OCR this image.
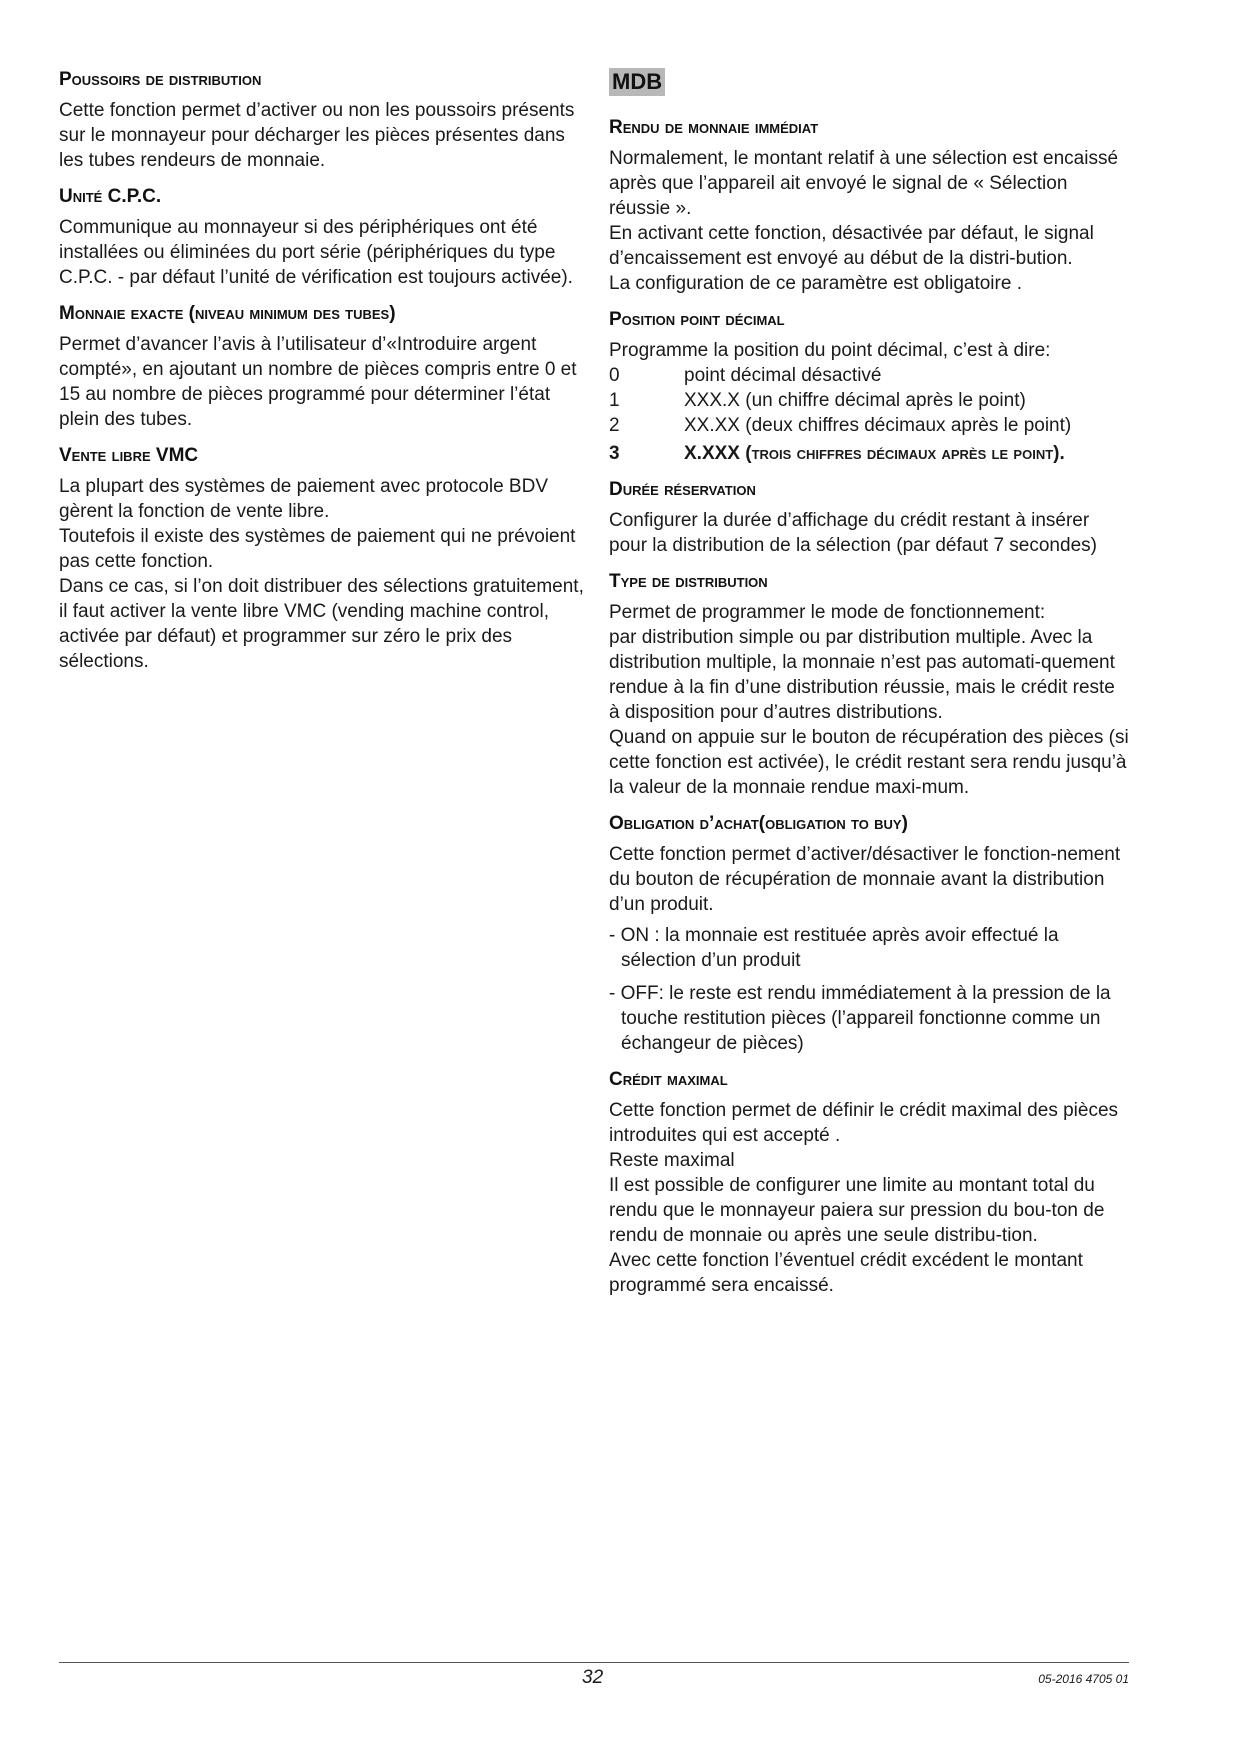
Poussoirs de distribution

Cette fonction permet d’activer ou non les poussoirs présents sur le monnayeur pour décharger les pièces présentes dans les tubes rendeurs de monnaie.

Unité C.P.C.

Communique au monnayeur si des périphériques ont été installées ou éliminées du port série (périphériques du type C.P.C. - par défaut l’unité de vérification est toujours activée).

Monnaie exacte (niveau minimum des tubes)

Permet d’avancer l’avis à l’utilisateur d’«Introduire argent compté», en ajoutant un nombre de pièces compris entre 0 et 15 au nombre de pièces programmé pour déterminer l’état plein des tubes.

Vente libre VMC

La plupart des systèmes de paiement avec protocole BDV gèrent la fonction de vente libre.

Toutefois il existe des systèmes de paiement qui ne prévoient pas cette fonction.

Dans ce cas, si l’on doit distribuer des sélections gratuitement, il faut activer la vente libre VMC (vending machine control, activée par défaut) et programmer sur zéro le prix des sélections.

MDB
Rendu de monnaie immédiat

Normalement, le montant relatif à une sélection est encaissé après que l’appareil ait envoyé le signal de « Sélection réussie ».

En activant cette fonction, désactivée par défaut, le signal d’encaissement est envoyé au début de la distri-bution.

La configuration de ce paramètre est obligatoire .

Position point décimal

Programme la position du point décimal, c’est à dire:

0	point décimal désactivé
1	XXX.X (un chiffre décimal après le point)
2	XX.XX (deux chiffres décimaux après le point)
3	X.XXX (trois chiffres décimaux après le point).
Durée réservation

Configurer la durée d’affichage du crédit restant à insérer pour la distribution de la sélection (par défaut 7 secondes)

Type de distribution

Permet de programmer le mode de fonctionnement:

par distribution simple ou par distribution multiple. Avec la distribution multiple, la monnaie n’est pas automati-quement rendue à la fin d’une distribution réussie, mais le crédit reste à disposition pour d’autres distributions.

Quand on appuie sur le bouton de récupération des pièces (si cette fonction est activée), le crédit restant sera rendu jusqu’à la valeur de la monnaie rendue maxi-mum.

Obligation d’achat(obligation to buy)

Cette fonction permet d’activer/désactiver le fonction-nement du bouton de récupération de monnaie avant la distribution d’un produit.

- ON : la monnaie est restituée après avoir effectué la sélection d’un produit
- OFF: le reste est rendu immédiatement à la pression de la touche restitution pièces (l’appareil fonctionne comme un échangeur de pièces)
Crédit maximal

Cette fonction permet de définir le crédit maximal des pièces introduites qui est accepté .

Reste maximal

Il est possible de configurer une limite au montant total du rendu que le monnayeur paiera sur pression du bou-ton de rendu de monnaie ou après une seule distribu-tion.

Avec cette fonction l’éventuel crédit excédent le montant programmé sera encaissé.

32	05-2016 4705 01
